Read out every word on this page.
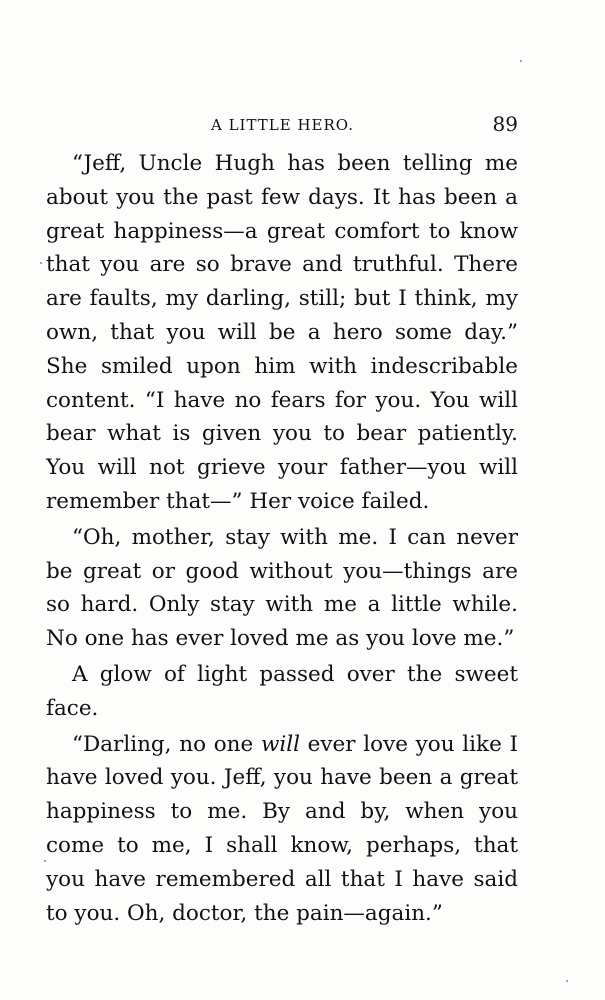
A LITTLE HERO.	89

“Jeff, Uncle Hugh has been telling me about you the past few days. It has been a great happiness—a great comfort to know that you are so brave and truthful. There are faults, my darling, still; but I think, my own, that you will be a hero some day.” She smiled upon him with indescribable content. “I have no fears for you. You will bear what is given you to bear patiently. You will not grieve your father—you will remember that—” Her voice failed.

“Oh, mother, stay with me. I can never be great or good without you—things are so hard. Only stay with me a little while. No one has ever loved me as you love me.”

A glow of light passed over the sweet face.

“Darling, no one will ever love you like I have loved you. Jeff, you have been a great happiness to me. By and by, when you come to me, I shall know, perhaps, that you have remembered all that I have said to you. Oh, doctor, the pain—again.”
